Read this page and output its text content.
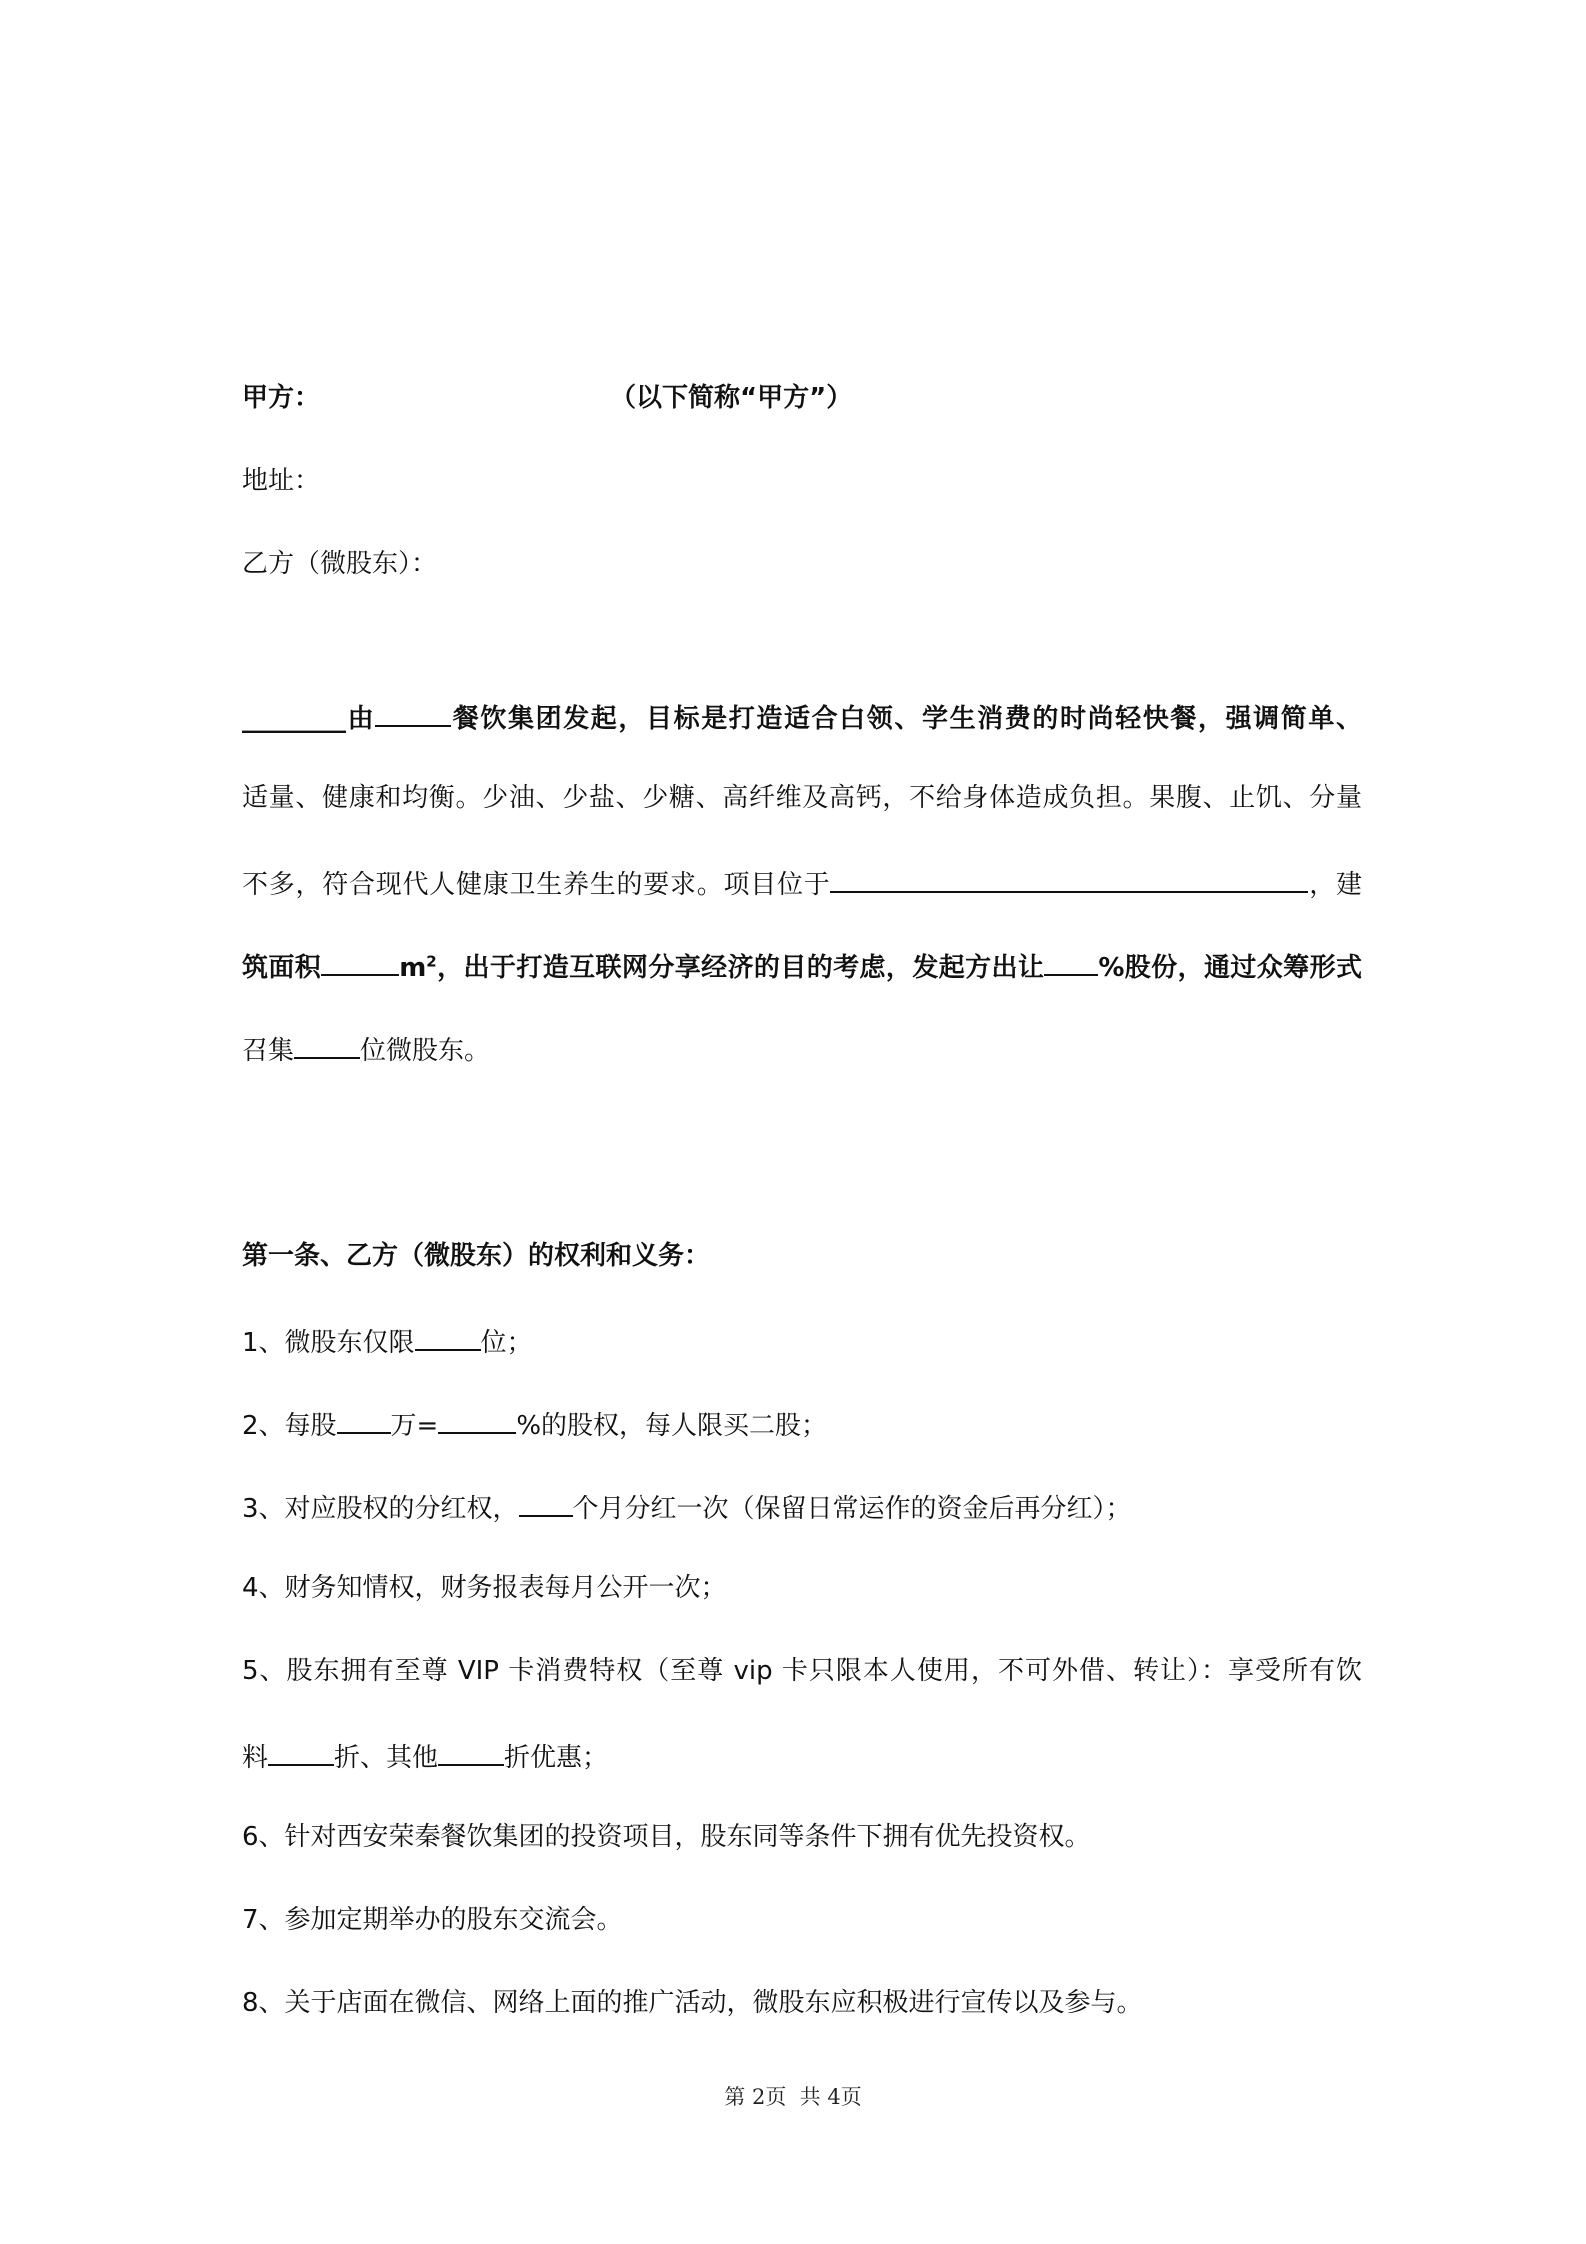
甲方：	（以下简称“甲方”）
地址：
乙方（微股东）：
________由	餐饮集团发起，目标是打造适合白领、学生消费的时尚轻快餐，强调简单、
适量、健康和均衡。少油、少盐、少糖、高纤维及高钙，不给身体造成负担。果腹、止饥、分量
不多，符合现代人健康卫生养生的要求。项目位于	，建
筑面积	$m^2$，出于打造互联网分享经济的目的考虑，发起方出让 %股份，通过众筹形式
召集	位微股东。
第一条、乙方（微股东）的权利和义务：
1、微股东仅限	位；
2、每股 万=	%的股权，每人限买二股；
3、对应股权的分红权， 个月分红一次（保留日常运作的资金后再分红）；
4、财务知情权，财务报表每月公开一次；
5、股东拥有至尊 VIP 卡消费特权（至尊 vip 卡只限本人使用，不可外借、转让）：享受所有饮
料	折、其他	折优惠；
6、针对西安荣秦餐饮集团的投资项目，股东同等条件下拥有优先投资权。
7、参加定期举办的股东交流会。
8、关于店面在微信、网络上面的推广活动，微股东应积极进行宣传以及参与。
第 2页  共 4页
